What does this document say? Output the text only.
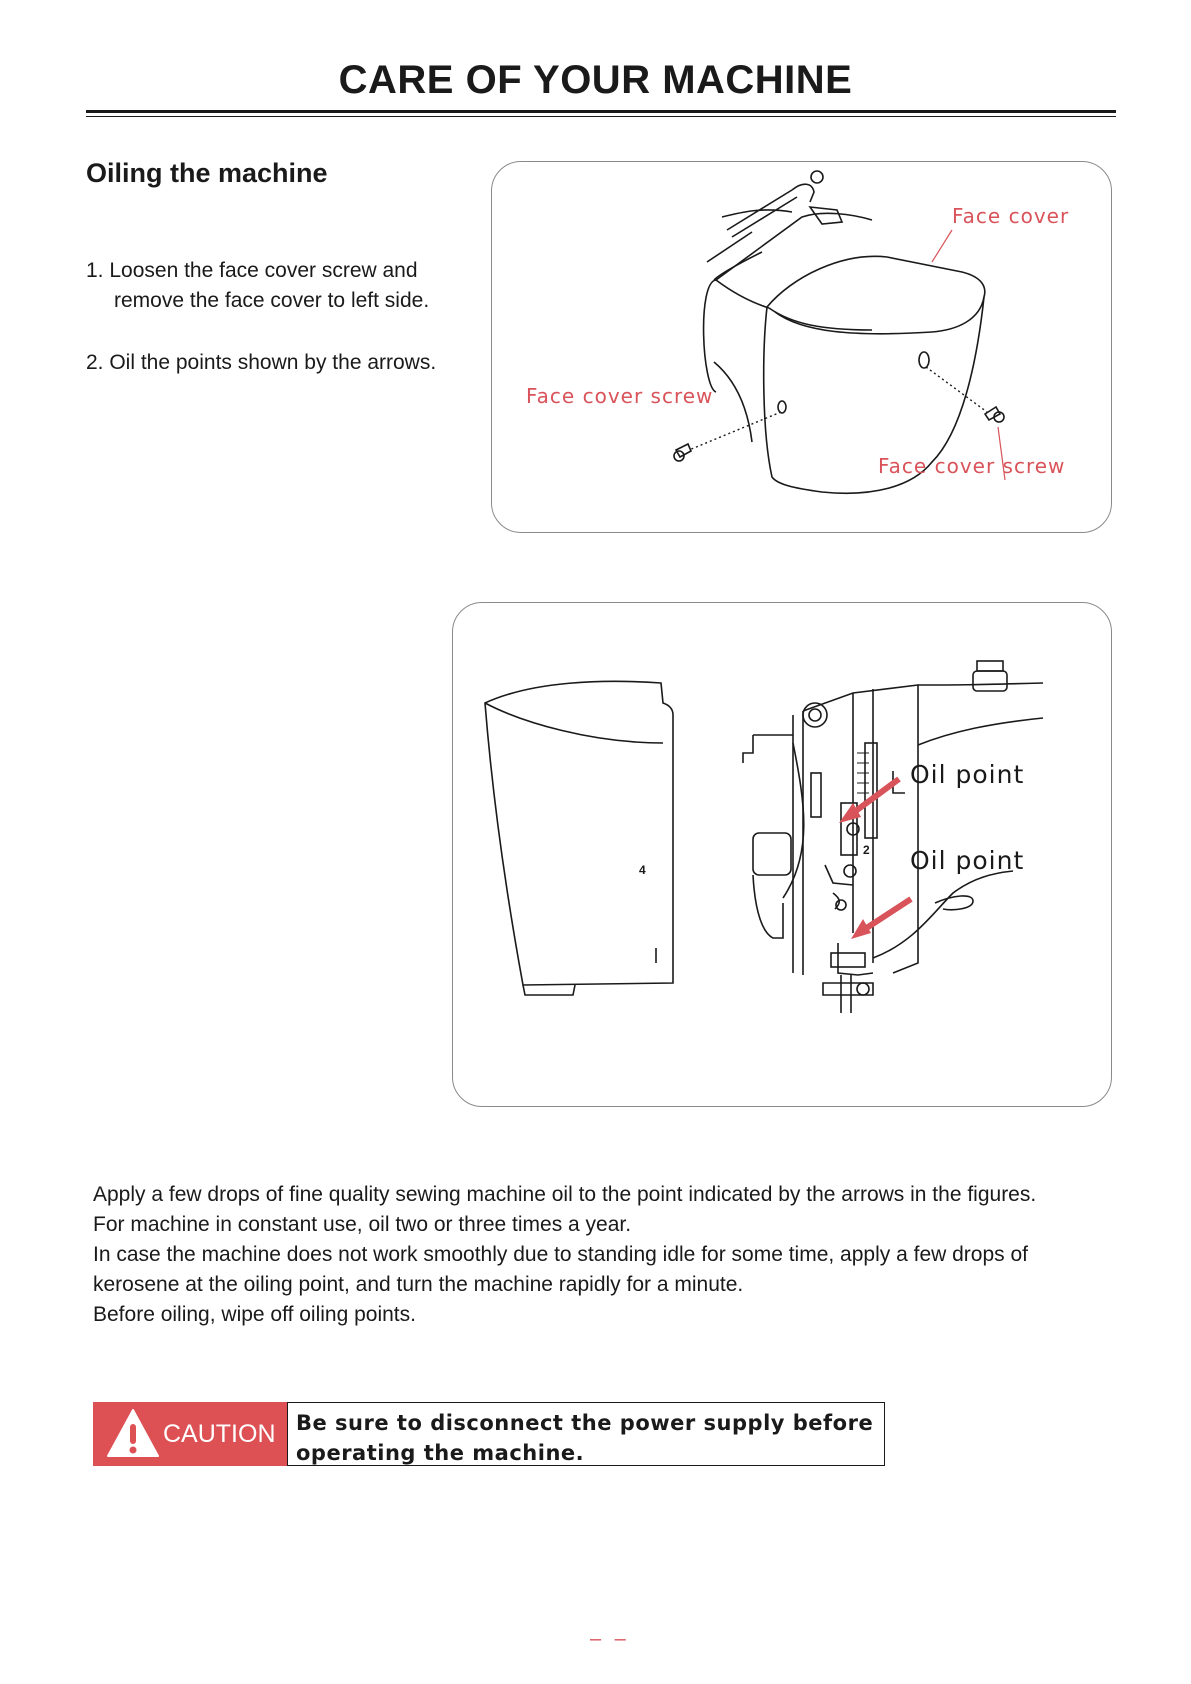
CARE OF YOUR MACHINE
Oiling the machine
1. Loosen the face cover screw and
remove the face cover to left side.
2. Oil the points shown by the arrows.
Face cover
Face cover screw
Face cover screw
4
2
Oil point
Oil point
Apply a few drops of fine quality sewing machine oil to the point indicated by the arrows in the figures.
For machine in constant use, oil two or three times a year.
In case the machine does not work smoothly due to standing idle for some time, apply a few drops of
kerosene at the oiling point, and turn the machine rapidly for a minute.
Before oiling, wipe off oiling points.
CAUTION Be sure to disconnect the power supply before
operating the machine.
– –
